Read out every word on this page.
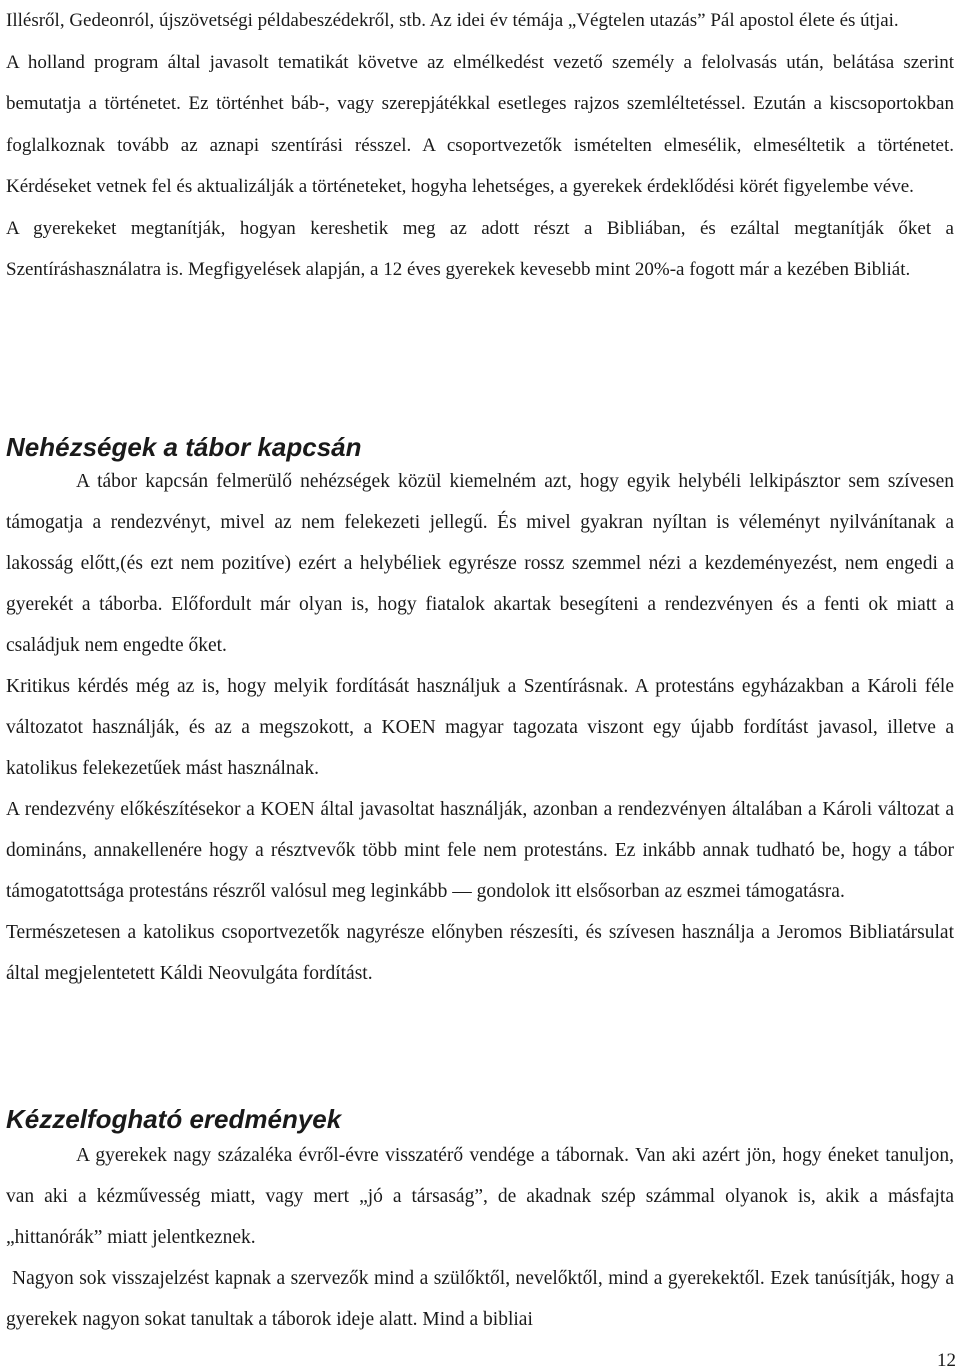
Illésről, Gedeonról, újszövetségi példabeszédekről, stb. Az idei év témája „Végtelen utazás” Pál apostol élete és útjai.

A holland program által javasolt tematikát követve az elmélkedést vezető személy a felolvasás után, belátása szerint bemutatja a történetet. Ez történhet báb-, vagy szerepjátékkal esetleges rajzos szemléltetéssel. Ezután a kiscsoportokban foglalkoznak tovább az aznapi szentírási résszel. A csoportvezetők ismételten elmesélik, elmeséltetik a történetet. Kérdéseket vetnek fel és aktualizálják a történeteket, hogyha lehetséges, a gyerekek érdeklődési körét figyelembe véve.

A gyerekeket megtanítják, hogyan kereshetik meg az adott részt a Bibliában, és ezáltal megtanítják őket a Szentíráshasználatra is. Megfigyelések alapján, a 12 éves gyerekek kevesebb mint 20%-a fogott már a kezében Bibliát.

Nehézségek a tábor kapcsán

A tábor kapcsán felmerülő nehézségek közül kiemelném azt, hogy egyik helybéli lelkipásztor sem szívesen támogatja a rendezvényt, mivel az nem felekezeti jellegű. És mivel gyakran nyíltan is véleményt nyilvánítanak a lakosság előtt,(és ezt nem pozitíve) ezért a helybéliek egyrésze rossz szemmel nézi a kezdeményezést, nem engedi a gyerekét a táborba. Előfordult már olyan is, hogy fiatalok akartak besegíteni a rendezvényen és a fenti ok miatt a családjuk nem engedte őket.

Kritikus kérdés még az is, hogy melyik fordítását használjuk a Szentírásnak. A protestáns egyházakban a Károli féle változatot használják, és az a megszokott, a KOEN magyar tagozata viszont egy újabb fordítást javasol, illetve a katolikus felekezetűek mást használnak.

A rendezvény előkészítésekor a KOEN által javasoltat használják, azonban a rendezvényen általában a Károli változat a domináns, annakellenére hogy a résztvevők több mint fele nem protestáns. Ez inkább annak tudható be, hogy a tábor támogatottsága protestáns részről valósul meg leginkább — gondolok itt elsősorban az eszmei támogatásra.

Természetesen a katolikus csoportvezetők nagyrésze előnyben részesíti, és szívesen használja a Jeromos Bibliatársulat által megjelentetett Káldi Neovulgáta fordítást.

Kézzelfogható eredmények

A gyerekek nagy százaléka évről-évre visszatérő vendége a tábornak. Van aki azért jön, hogy éneket tanuljon, van aki a kézművesség miatt, vagy mert „jó a társaság”, de akadnak szép számmal olyanok is, akik a másfajta „hittanórák” miatt jelentkeznek.

Nagyon sok visszajelzést kapnak a szervezők mind a szülőktől, nevelőktől, mind a gyerekektől. Ezek tanúsítják, hogy a gyerekek nagyon sokat tanultak a táborok ideje alatt. Mind a bibliai

12
